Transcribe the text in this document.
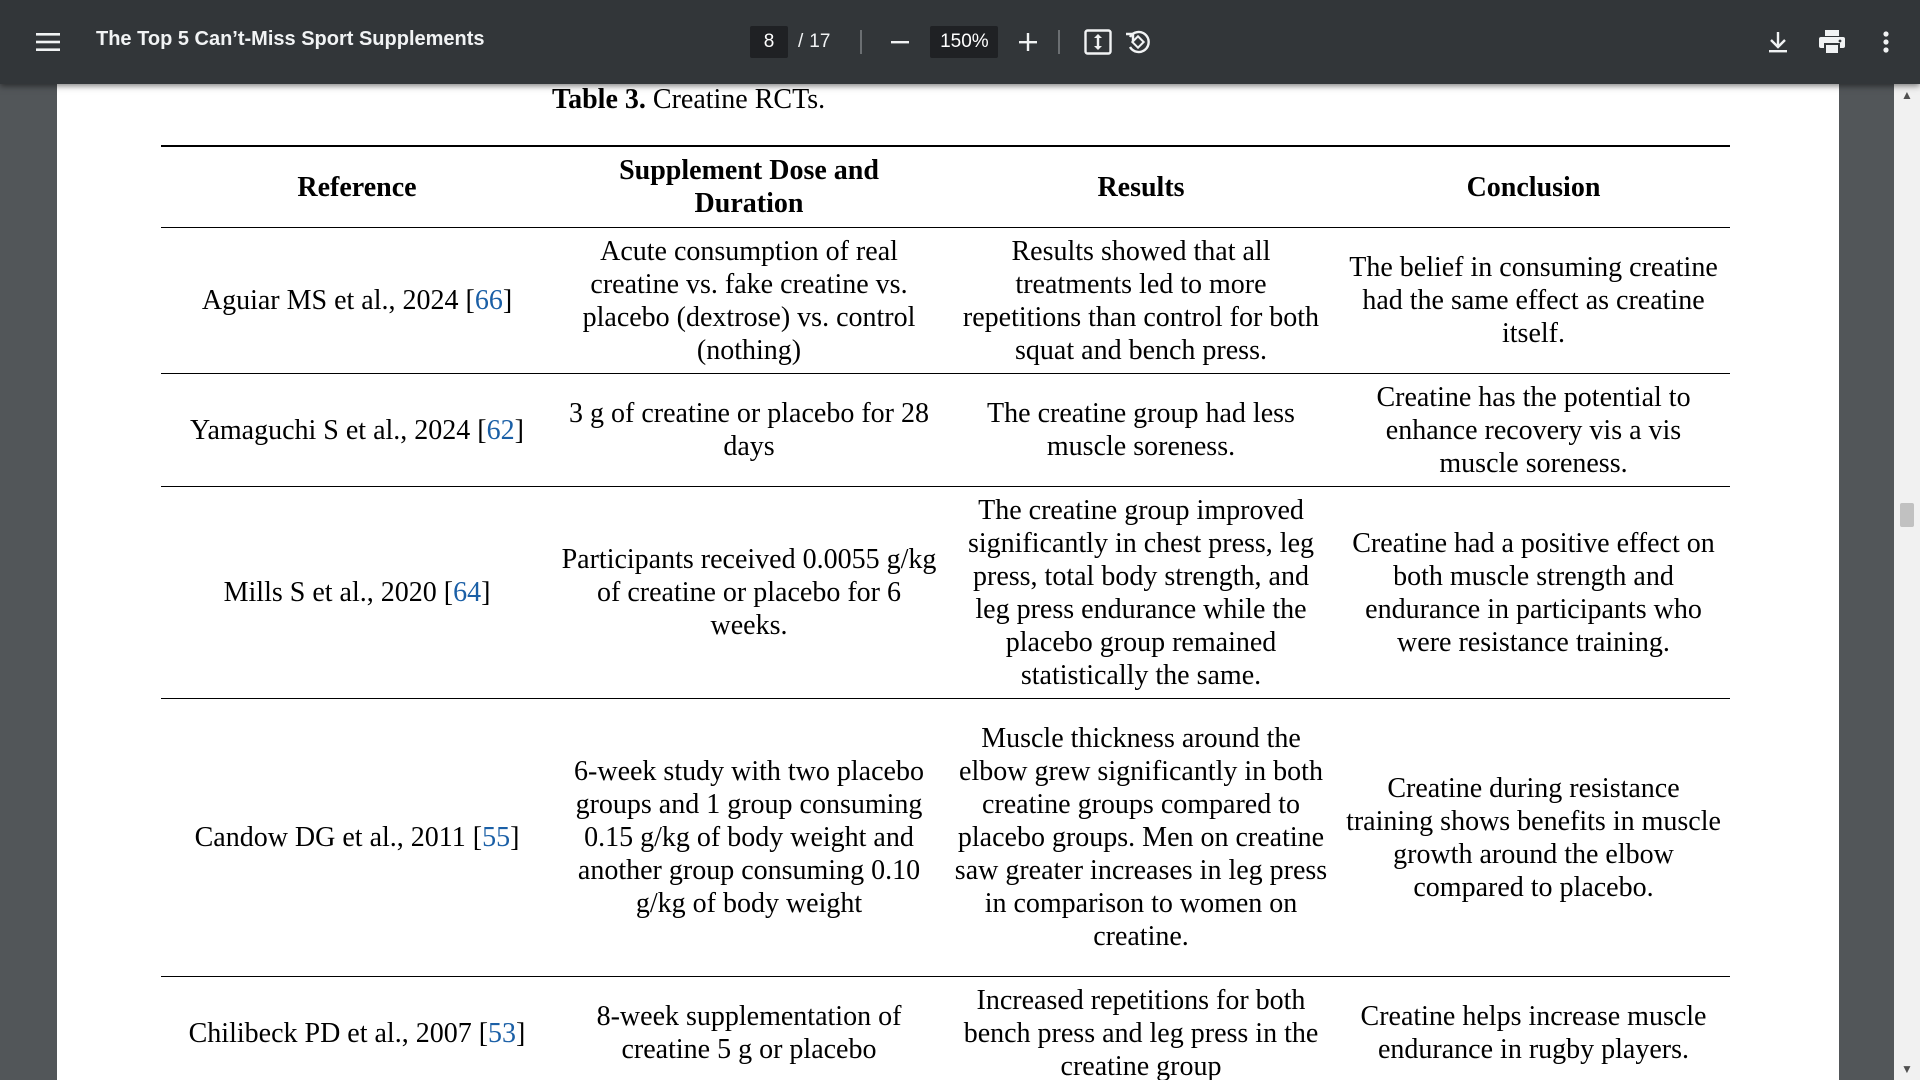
The Top 5 Can’t-Miss Sport Supplements
8	/ 17
150%
Table 3. Creatine RCTs.
Reference	Supplement Dose and Duration	Results	Conclusion
Aguiar MS et al., 2024 [66]	Acute consumption of real creatine vs. fake creatine vs. placebo (dextrose) vs. control (nothing)	Results showed that all treatments led to more repetitions than control for both squat and bench press.	The belief in consuming creatine had the same effect as creatine itself.
Yamaguchi S et al., 2024 [62]	3 g of creatine or placebo for 28 days	The creatine group had less muscle soreness.	Creatine has the potential to enhance recovery vis a vis muscle soreness.
Mills S et al., 2020 [64]	Participants received 0.0055 g/kg of creatine or placebo for 6 weeks.	The creatine group improved significantly in chest press, leg press, total body strength, and leg press endurance while the placebo group remained statistically the same.	Creatine had a positive effect on both muscle strength and endurance in participants who were resistance training.
Candow DG et al., 2011 [55]	6-week study with two placebo groups and 1 group consuming 0.15 g/kg of body weight and another group consuming 0.10 g/kg of body weight	Muscle thickness around the elbow grew significantly in both creatine groups compared to placebo groups. Men on creatine saw greater increases in leg press in comparison to women on creatine.	Creatine during resistance training shows benefits in muscle growth around the elbow compared to placebo.
Chilibeck PD et al., 2007 [53]	8-week supplementation of creatine 5 g or placebo	Increased repetitions for both bench press and leg press in the creatine group	Creatine helps increase muscle endurance in rugby players.
▲
▼
